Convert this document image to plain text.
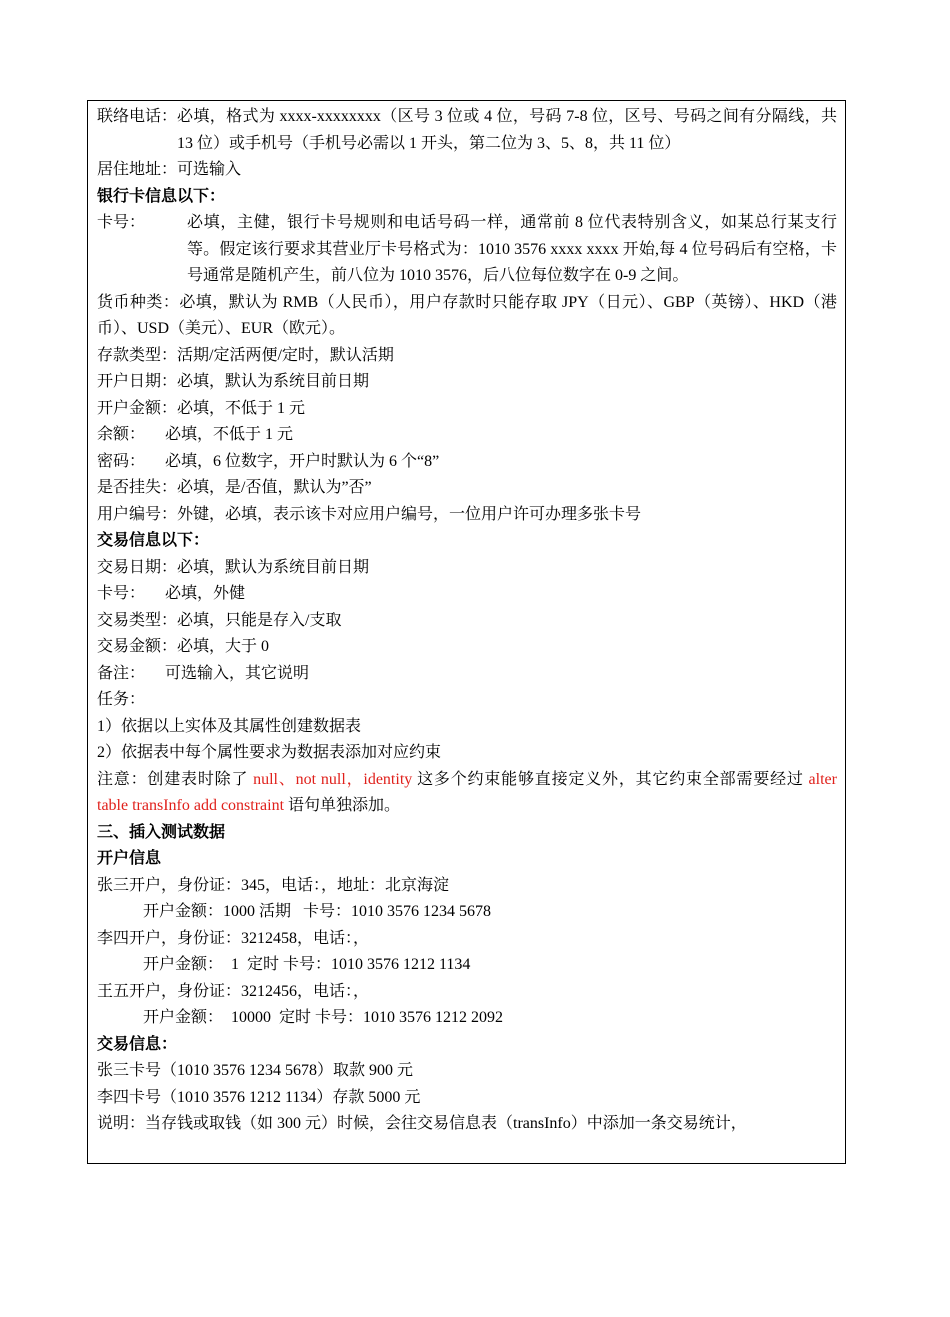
联络电话： 必填，格式为 xxxx-xxxxxxxx（区号 3 位或 4 位，号码 7-8 位，区号、号码之间有分隔线，共 13 位）或手机号（手机号必需以 1 开头，第二位为 3、5、8，共 11 位）
居住地址：可选输入
银行卡信息以下：
卡号：	必填，主健，银行卡号规则和电话号码一样，通常前 8 位代表特别含义，如某总行某支行等。假定该行要求其营业厅卡号格式为：1010 3576 xxxx xxxx 开始,每 4 位号码后有空格，卡号通常是随机产生，前八位为 1010 3576，后八位每位数字在 0-9 之间。
货币种类：必填，默认为 RMB（人民币），用户存款时只能存取 JPY（日元）、GBP（英镑）、HKD（港币）、USD（美元）、EUR（欧元）。
存款类型：活期/定活两便/定时，默认活期
开户日期：必填，默认为系统目前日期
开户金额：必填，不低于 1 元
余额：     必填，不低于 1 元
密码：     必填，6 位数字，开户时默认为 6 个“8”
是否挂失：必填，是/否值，默认为”否”
用户编号：外键，必填，表示该卡对应用户编号，一位用户许可办理多张卡号
交易信息以下：
交易日期：必填，默认为系统目前日期
卡号：     必填，外健
交易类型：必填，只能是存入/支取
交易金额：必填，大于 0
备注：     可选输入，其它说明
任务：
1）依据以上实体及其属性创建数据表
2）依据表中每个属性要求为数据表添加对应约束
注意：创建表时除了 null、not null，identity 这多个约束能够直接定义外，其它约束全部需要经过 alter table transInfo add constraint 语句单独添加。
三、插入测试数据
开户信息
张三开户，身份证：345，电话：，地址：北京海淀
开户金额：1000 活期   卡号：1010 3576 1234 5678
李四开户，身份证：3212458，电话：，
开户金额：  1  定时 卡号：1010 3576 1212 1134
王五开户，身份证：3212456，电话：，
开户金额：  10000  定时 卡号：1010 3576 1212 2092
交易信息：
张三卡号（1010 3576 1234 5678）取款 900 元
李四卡号（1010 3576 1212 1134）存款 5000 元
说明：当存钱或取钱（如 300 元）时候，会往交易信息表（transInfo）中添加一条交易统计，
